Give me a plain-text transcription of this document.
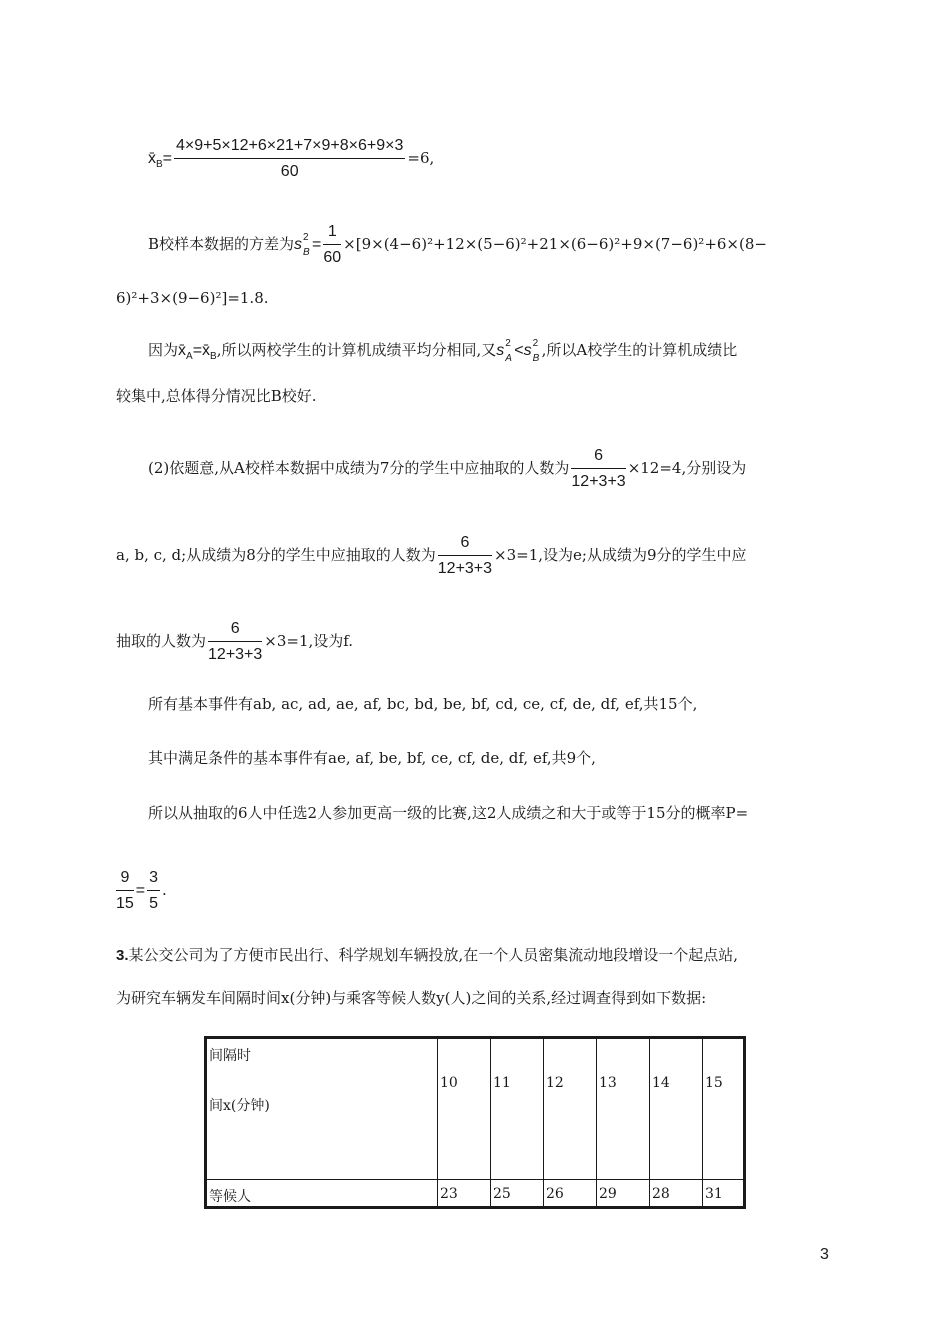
$x̄_B= \frac{4\times 9+5\times 12+6\times 21+7\times 9+8\times 6+9\times 3}{60} =6$,
B校样本数据的方差为s 2
$B = \frac{1}{60} \times[9\times(4-6)^2+12\times(5-6)^2+21\times(6-6)^2+9\times(7-6)^2+6\times(8-$
6)²+3×(9−6)²]=1.8.
因为$x̄_A=x̄_B$,所以两校学生的计算机成绩平均分相同,又s 2
A <s 2
B ,所以A校学生的计算机成绩比
较集中,总体得分情况比B校好.
(2)依题意,从A校样本数据中成绩为7分的学生中应抽取的人数为 $\frac{6}{12+3+3} \times 12=4$,分别设为
a, b, c, d;从成绩为8分的学生中应抽取的人数为 $\frac{6}{12+3+3} \times 3=1$,设为e;从成绩为9分的学生中应
抽取的人数为 $\frac{6}{12+3+3} \times 3=1$,设为f.
所有基本事件有ab, ac, ad, ae, af, bc, bd, be, bf, cd, ce, cf, de, df, ef,共15个,
其中满足条件的基本事件有ae, af, be, bf, ce, cf, de, df, ef,共9个,
所以从抽取的6人中任选2人参加更高一级的比赛,这2人成绩之和大于或等于15分的概率P=
$\frac{9}{15} = \frac{3}{5}$ .
3.某公交公司为了方便市民出行、科学规划车辆投放,在一个人员密集流动地段增设一个起点站,
为研究车辆发车间隔时间x(分钟)与乘客等候人数y(人)之间的关系,经过调查得到如下数据:
间隔时
间x(分钟)	10	11	12	13	14	15
等候人	23	25	26	29	28	31
3
